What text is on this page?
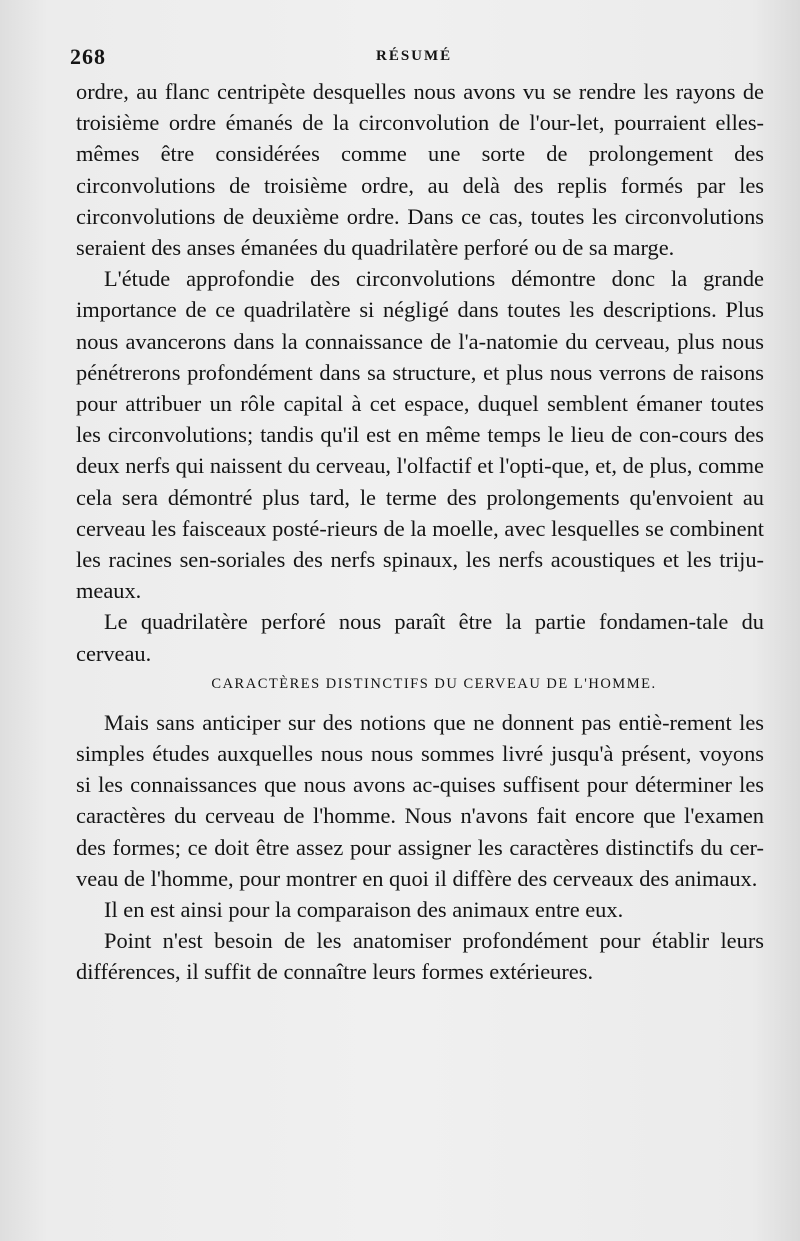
268	RÉSUMÉ

ordre, au flanc centripète desquelles nous avons vu se rendre les rayons de troisième ordre émanés de la circonvolution de l'our-let, pourraient elles-mêmes être considérées comme une sorte de prolongement des circonvolutions de troisième ordre, au delà des replis formés par les circonvolutions de deuxième ordre. Dans ce cas, toutes les circonvolutions seraient des anses émanées du quadrilatère perforé ou de sa marge.

L'étude approfondie des circonvolutions démontre donc la grande importance de ce quadrilatère si négligé dans toutes les descriptions. Plus nous avancerons dans la connaissance de l'a-natomie du cerveau, plus nous pénétrerons profondément dans sa structure, et plus nous verrons de raisons pour attribuer un rôle capital à cet espace, duquel semblent émaner toutes les circonvolutions; tandis qu'il est en même temps le lieu de con-cours des deux nerfs qui naissent du cerveau, l'olfactif et l'opti-que, et, de plus, comme cela sera démontré plus tard, le terme des prolongements qu'envoient au cerveau les faisceaux posté-rieurs de la moelle, avec lesquelles se combinent les racines sen-soriales des nerfs spinaux, les nerfs acoustiques et les triju-meaux.

Le quadrilatère perforé nous paraît être la partie fondamen-tale du cerveau.

CARACTÈRES DISTINCTIFS DU CERVEAU DE L'HOMME.

Mais sans anticiper sur des notions que ne donnent pas entiè-rement les simples études auxquelles nous nous sommes livré jusqu'à présent, voyons si les connaissances que nous avons ac-quises suffisent pour déterminer les caractères du cerveau de l'homme. Nous n'avons fait encore que l'examen des formes; ce doit être assez pour assigner les caractères distinctifs du cer-veau de l'homme, pour montrer en quoi il diffère des cerveaux des animaux.

Il en est ainsi pour la comparaison des animaux entre eux.

Point n'est besoin de les anatomiser profondément pour établir leurs différences, il suffit de connaître leurs formes extérieures.
